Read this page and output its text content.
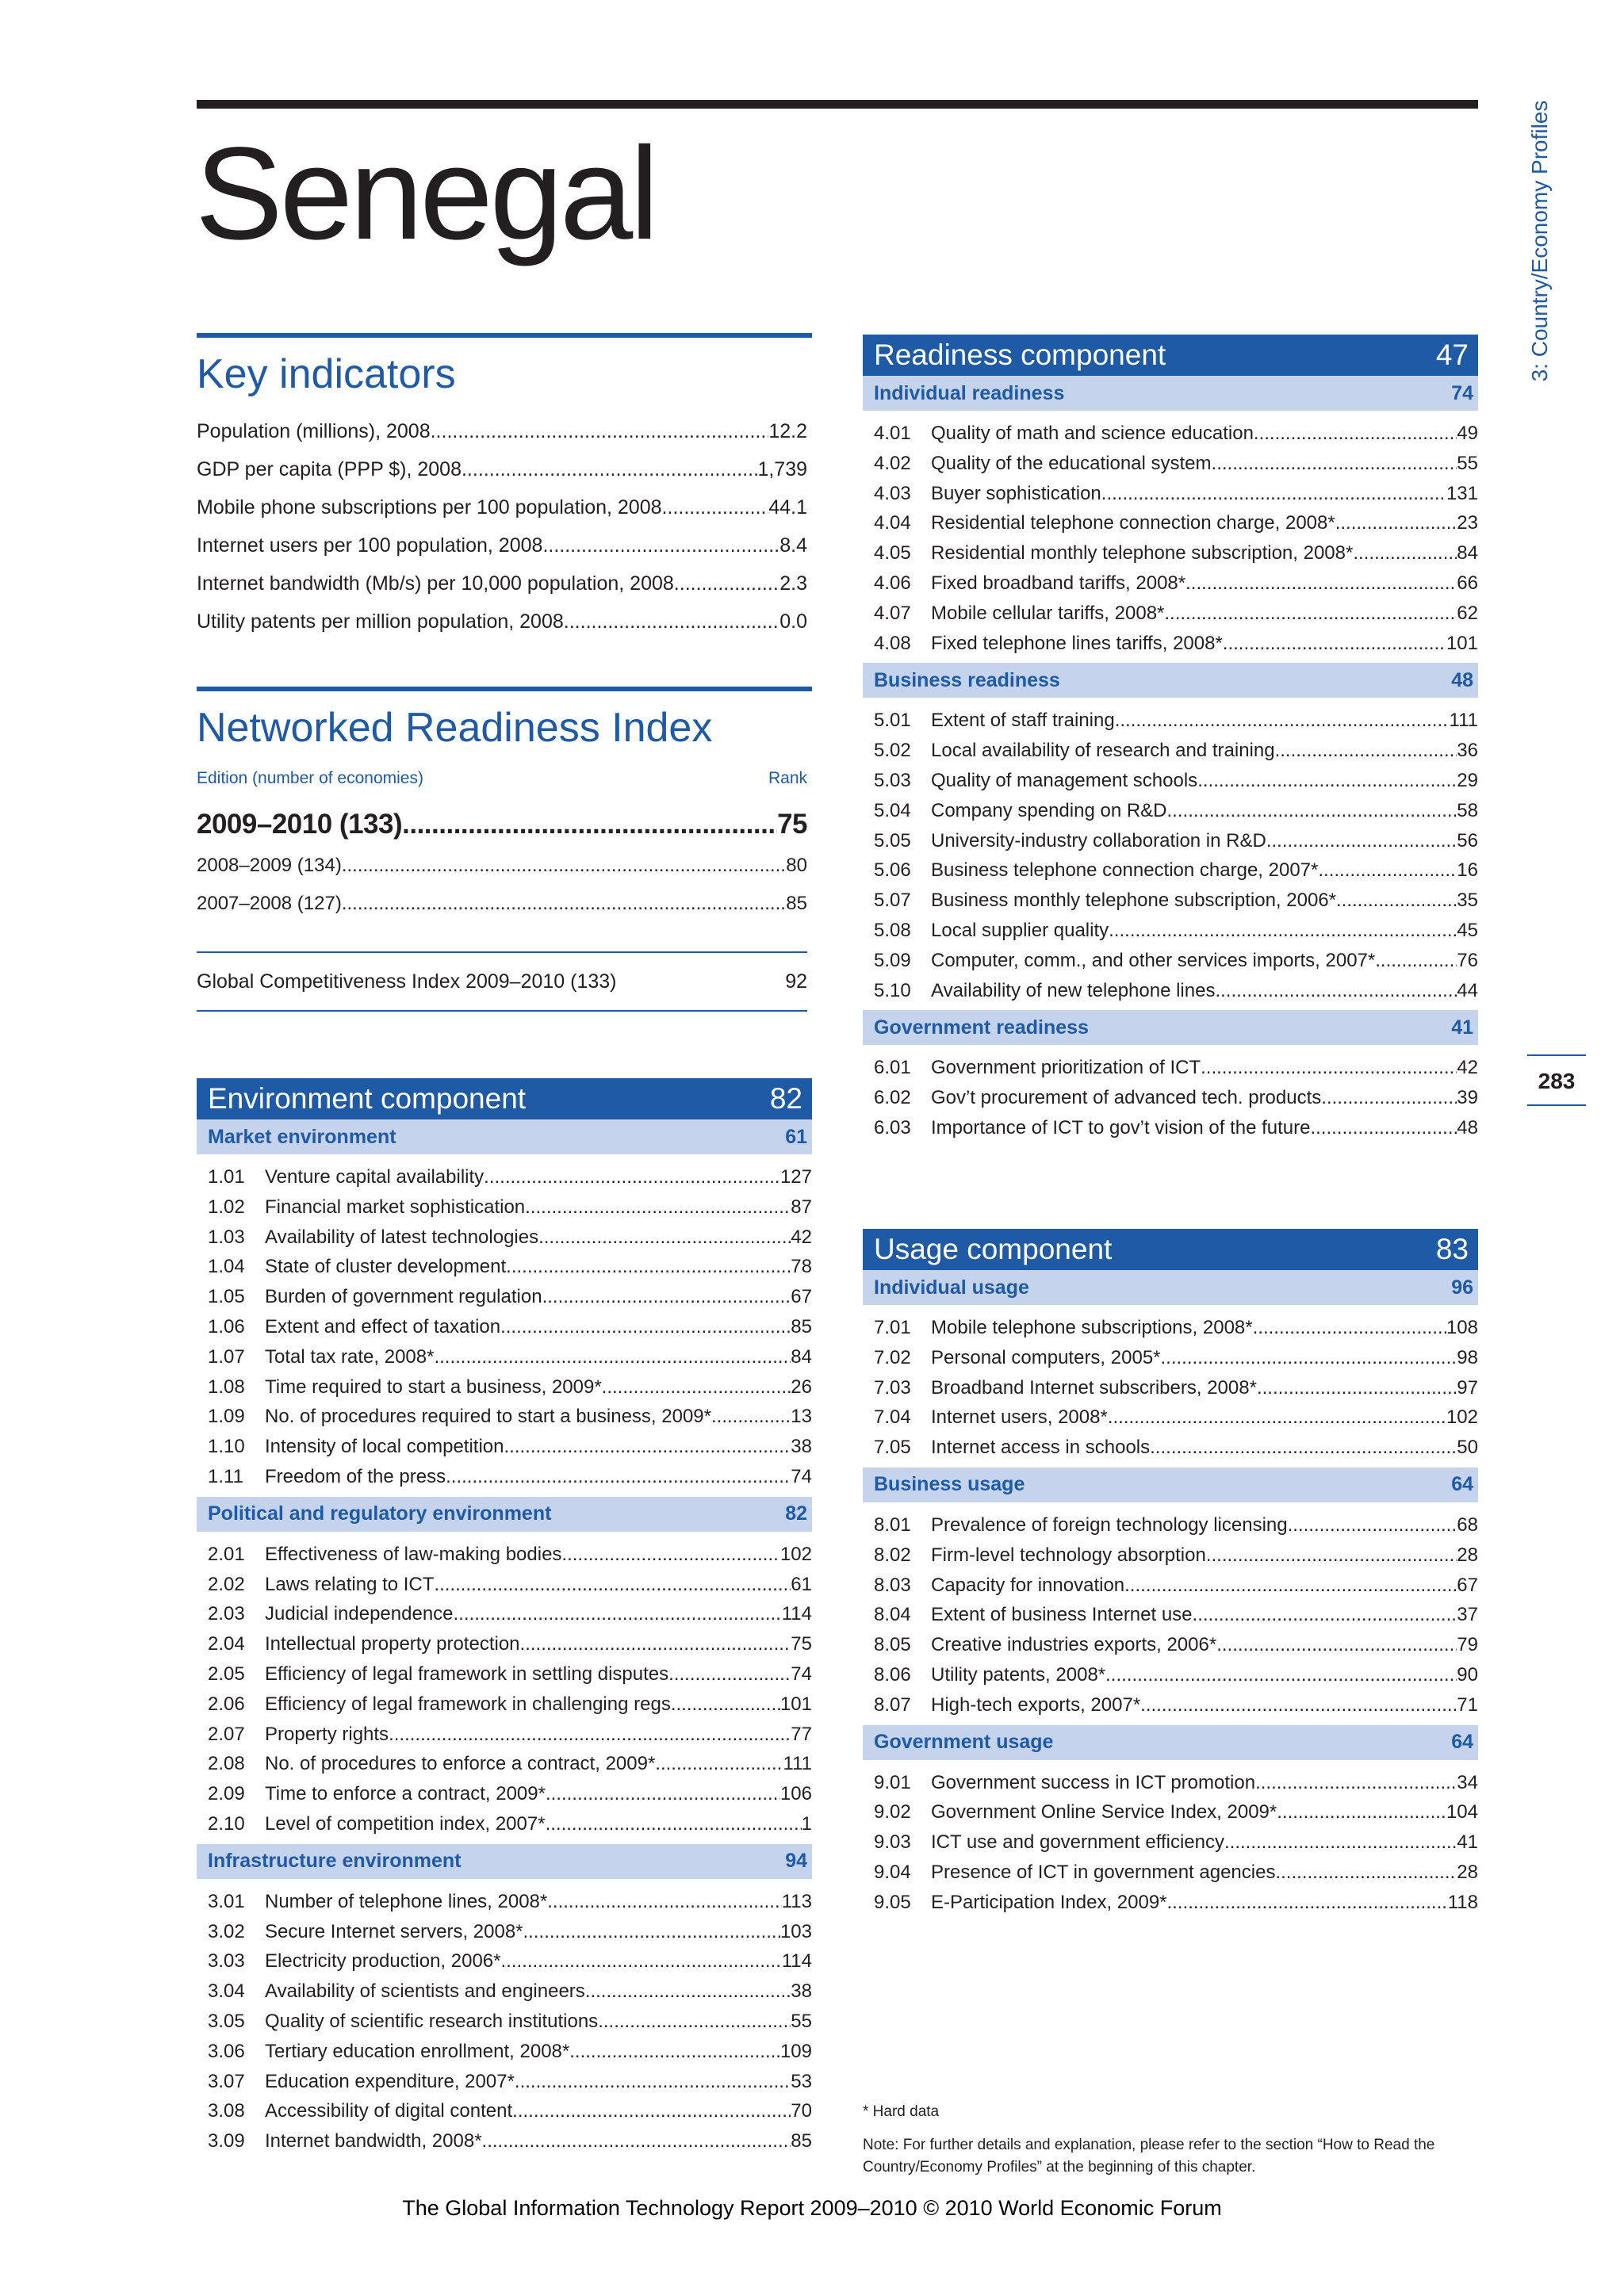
Senegal	3: Country/Economy Profiles
283
Key indicators
Population (millions), 2008 .....	12.2
GDP per capita (PPP $), 2008 .....	1,739
Mobile phone subscriptions per 100 population, 2008 .....	44.1
Internet users per 100 population, 2008 .....	8.4
Internet bandwidth (Mb/s) per 10,000 population, 2008 .....	2.3
Utility patents per million population, 2008 .....	0.0
Networked Readiness Index
Edition (number of economies)	Rank
2009–2010 (133) .....	75
2008–2009 (134) .....	80
2007–2008 (127) .....	85
Global Competitiveness Index 2009–2010 (133)	92
Environment component	82
Market environment	61
1.01	Venture capital availability .....	127
1.02	Financial market sophistication .....	87
1.03	Availability of latest technologies .....	42
1.04	State of cluster development .....	78
1.05	Burden of government regulation .....	67
1.06	Extent and effect of taxation .....	85
1.07	Total tax rate, 2008* .....	84
1.08	Time required to start a business, 2009* .....	26
1.09	No. of procedures required to start a business, 2009* .....	13
1.10	Intensity of local competition .....	38
1.11	Freedom of the press .....	74
Political and regulatory environment	82
2.01	Effectiveness of law-making bodies .....	102
2.02	Laws relating to ICT .....	61
2.03	Judicial independence .....	114
2.04	Intellectual property protection .....	75
2.05	Efficiency of legal framework in settling disputes .....	74
2.06	Efficiency of legal framework in challenging regs. .....	101
2.07	Property rights .....	77
2.08	No. of procedures to enforce a contract, 2009* .....	111
2.09	Time to enforce a contract, 2009* .....	106
2.10	Level of competition index, 2007* .....	1
Infrastructure environment	94
3.01	Number of telephone lines, 2008* .....	113
3.02	Secure Internet servers, 2008* .....	103
3.03	Electricity production, 2006* .....	114
3.04	Availability of scientists and engineers .....	38
3.05	Quality of scientific research institutions .....	55
3.06	Tertiary education enrollment, 2008* .....	109
3.07	Education expenditure, 2007* .....	53
3.08	Accessibility of digital content .....	70
3.09	Internet bandwidth, 2008* .....	85
Readiness component	47
Individual readiness	74
4.01	Quality of math and science education .....	49
4.02	Quality of the educational system .....	55
4.03	Buyer sophistication .....	131
4.04	Residential telephone connection charge, 2008* .....	23
4.05	Residential monthly telephone subscription, 2008* .....	84
4.06	Fixed broadband tariffs, 2008* .....	66
4.07	Mobile cellular tariffs, 2008* .....	62
4.08	Fixed telephone lines tariffs, 2008* .....	101
Business readiness	48
5.01	Extent of staff training .....	111
5.02	Local availability of research and training .....	36
5.03	Quality of management schools .....	29
5.04	Company spending on R&D .....	58
5.05	University-industry collaboration in R&D .....	56
5.06	Business telephone connection charge, 2007* .....	16
5.07	Business monthly telephone subscription, 2006* .....	35
5.08	Local supplier quality .....	45
5.09	Computer, comm., and other services imports, 2007* .....	76
5.10	Availability of new telephone lines .....	44
Government readiness	41
6.01	Government prioritization of ICT .....	42
6.02	Gov’t procurement of advanced tech. products .....	39
6.03	Importance of ICT to gov’t vision of the future .....	48
Usage component	83
Individual usage	96
7.01	Mobile telephone subscriptions, 2008* .....	108
7.02	Personal computers, 2005* .....	98
7.03	Broadband Internet subscribers, 2008* .....	97
7.04	Internet users, 2008* .....	102
7.05	Internet access in schools .....	50
Business usage	64
8.01	Prevalence of foreign technology licensing .....	68
8.02	Firm-level technology absorption .....	28
8.03	Capacity for innovation .....	67
8.04	Extent of business Internet use .....	37
8.05	Creative industries exports, 2006* .....	79
8.06	Utility patents, 2008* .....	90
8.07	High-tech exports, 2007* .....	71
Government usage	64
9.01	Government success in ICT promotion .....	34
9.02	Government Online Service Index, 2009* .....	104
9.03	ICT use and government efficiency .....	41
9.04	Presence of ICT in government agencies .....	28
9.05	E-Participation Index, 2009* .....	118
* Hard data
Note: For further details and explanation, please refer to the section “How to Read the Country/Economy Profiles” at the beginning of this chapter.
The Global Information Technology Report 2009–2010 © 2010 World Economic Forum
